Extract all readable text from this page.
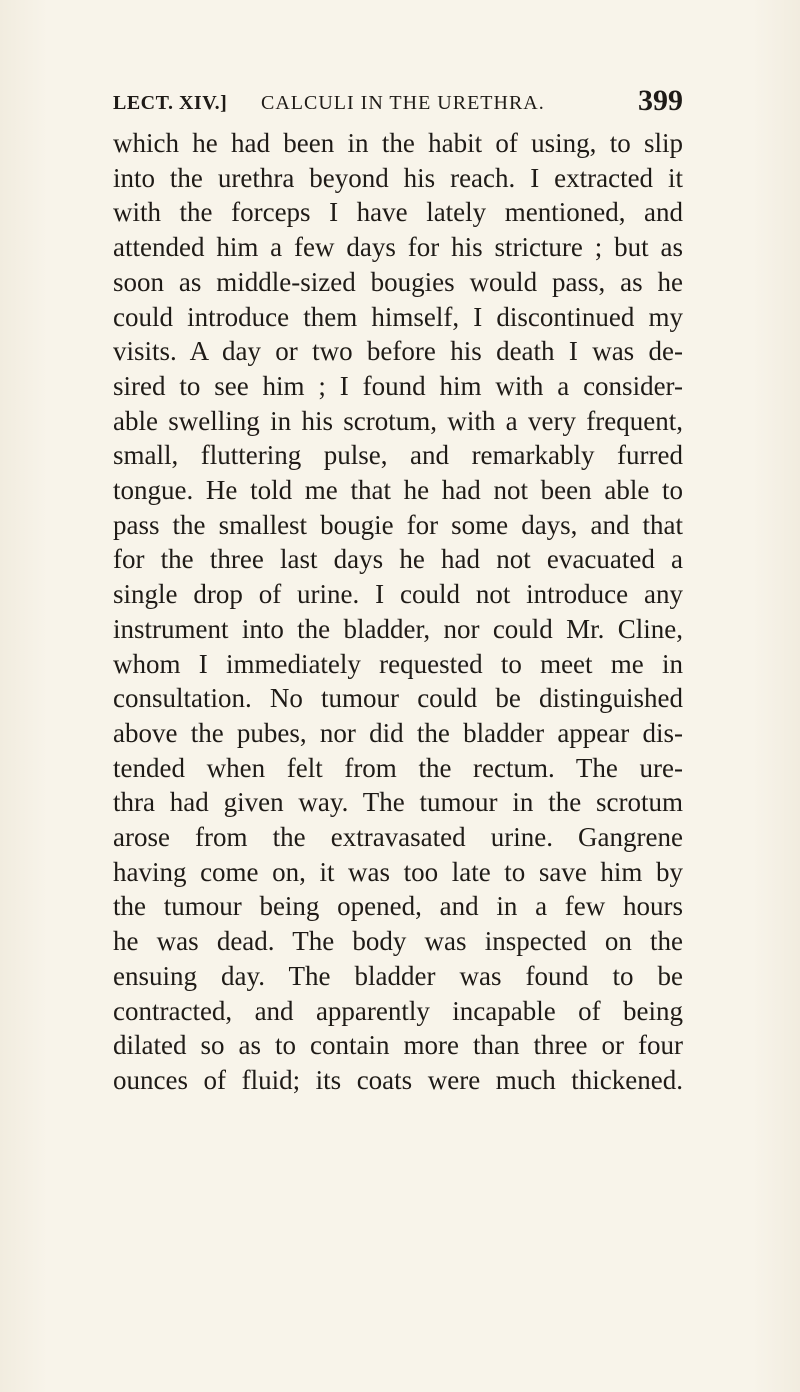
LECT. XIV.] CALCULI IN THE URETHRA.	399
which he had been in the habit of using, to slip
into the urethra beyond his reach. I extracted it
with the forceps I have lately mentioned, and
attended him a few days for his stricture ; but as
soon as middle-sized bougies would pass, as he
could introduce them himself, I discontinued my
visits. A day or two before his death I was de-
sired to see him ; I found him with a consider-
able swelling in his scrotum, with a very frequent,
small, fluttering pulse, and remarkably furred
tongue. He told me that he had not been able to
pass the smallest bougie for some days, and that
for the three last days he had not evacuated a
single drop of urine. I could not introduce any
instrument into the bladder, nor could Mr. Cline,
whom I immediately requested to meet me in
consultation. No tumour could be distinguished
above the pubes, nor did the bladder appear dis-
tended when felt from the rectum. The ure-
thra had given way. The tumour in the scrotum
arose from the extravasated urine. Gangrene
having come on, it was too late to save him by
the tumour being opened, and in a few hours
he was dead. The body was inspected on the
ensuing day. The bladder was found to be
contracted, and apparently incapable of being
dilated so as to contain more than three or four
ounces of fluid; its coats were much thickened.
